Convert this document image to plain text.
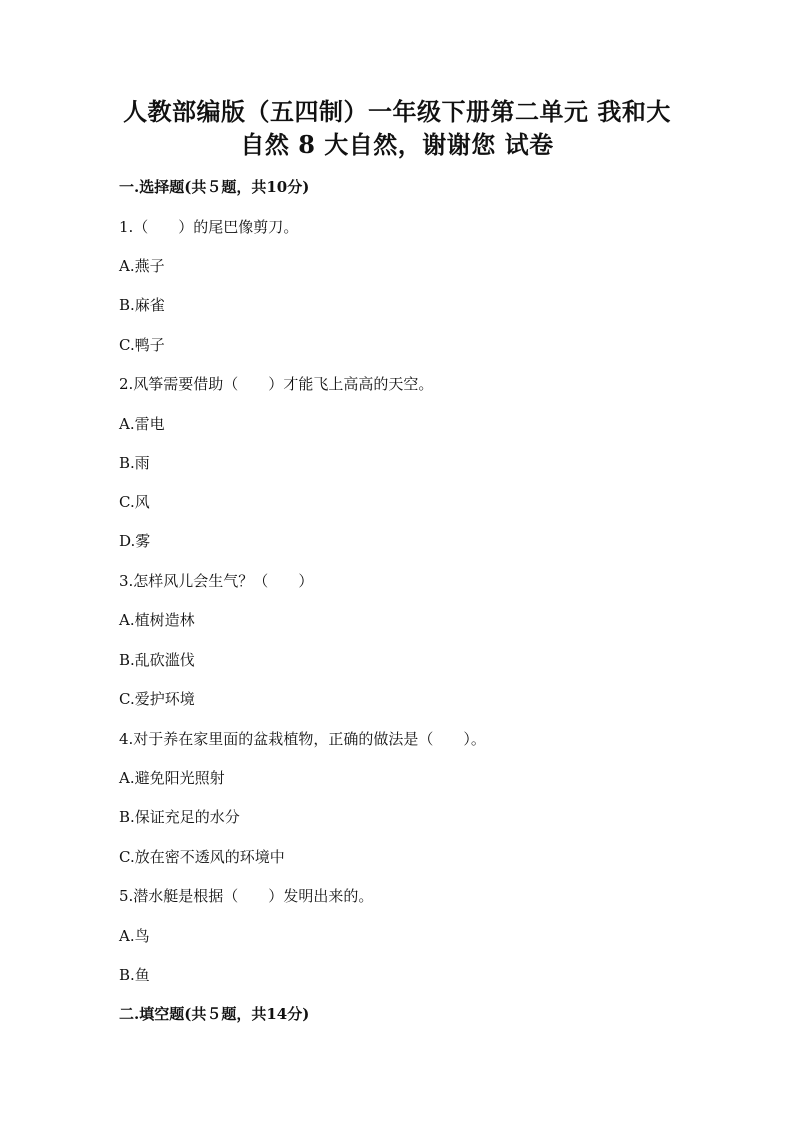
人教部编版（五四制）一年级下册第二单元 我和大
自然 8 大自然，谢谢您 试卷
一.选择题(共５题，共10分)
1.（　　）的尾巴像剪刀。
A.燕子
B.麻雀
C.鸭子
2.风筝需要借助（　　）才能飞上高高的天空。
A.雷电
B.雨
C.风
D.雾
3.怎样风儿会生气？（　　）
A.植树造林
B.乱砍滥伐
C.爱护环境
4.对于养在家里面的盆栽植物，正确的做法是（　　）。
A.避免阳光照射
B.保证充足的水分
C.放在密不透风的环境中
5.潜水艇是根据（　　）发明出来的。
A.鸟
B.鱼
二.填空题(共５题，共14分)
